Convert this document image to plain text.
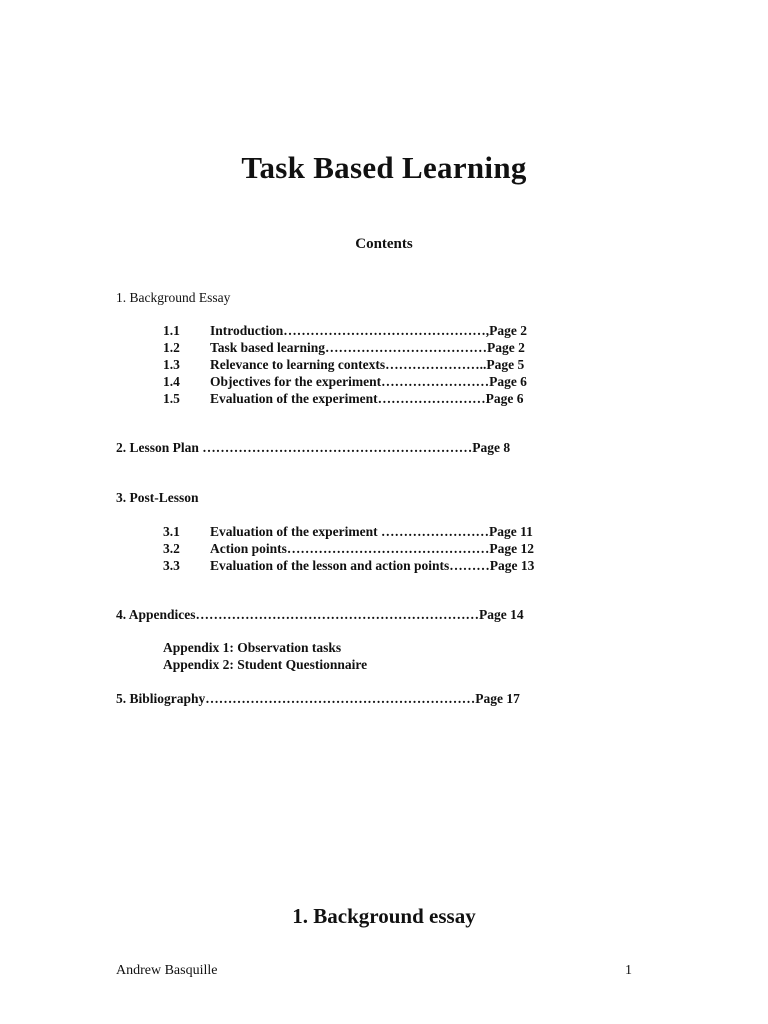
Task Based Learning
Contents
1. Background Essay
1.1 Introduction………………………………………,Page 2
1.2 Task based learning………………………………Page 2
1.3 Relevance to learning contexts…………………..Page 5
1.4 Objectives for the experiment……………………Page 6
1.5 Evaluation of the experiment……………………Page 6
2. Lesson Plan ……………………………………………………Page 8
3. Post-Lesson
3.1 Evaluation of the experiment ……………………Page 11
3.2 Action points………………………………………Page 12
3.3 Evaluation of the lesson and action points………Page 13
4. Appendices………………………………………………………Page 14
Appendix 1: Observation tasks
Appendix 2: Student Questionnaire
5. Bibliography……………………………………………………Page 17
1. Background essay
Andrew Basquille	1
